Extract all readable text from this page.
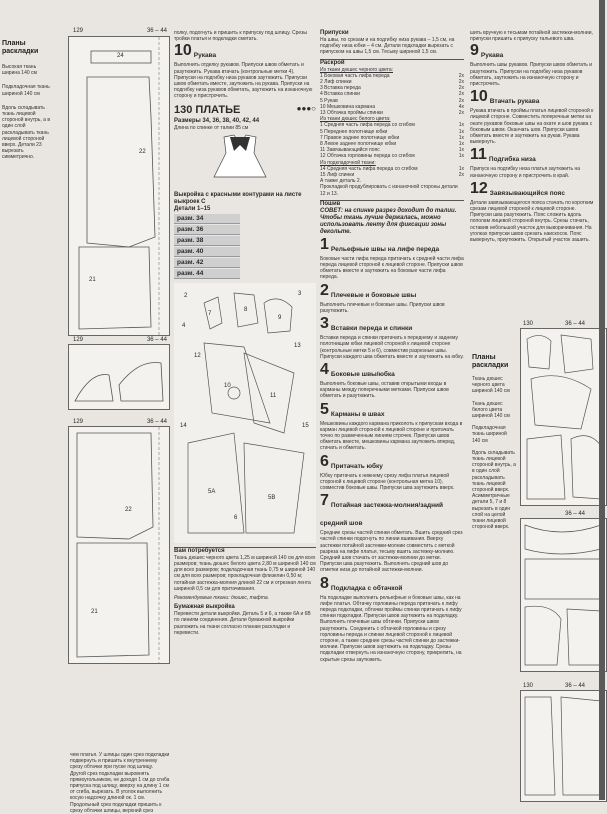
Планы раскладки
Высокая ткань ширина 140 см
Подкладочная ткань шириной 140 см
Вдоль складывать ткань лицевой стороной внутрь, а в один слой раскладывать ткань лицевой стороной вверх. Детали 23 вырезать симметрично.
129	36 – 44
24
22
21
129	36 – 44
129	36 – 44
22
21
чем платья. У шлицы один срез подкладки подвернуть и пришить к внутреннему срезу обтачки при пуске под шлицу. Другой срез подкладки выровнять прямоугольником, не доходя 1 см до сгиба припуска под шлицу, вверху на длину 1 см от сгиба, вырезать. В уголок выполнить косую надсечку длиной ок. 1 см. Продольный срез подкладки пришить к срезу обтачки шлицы, верхний срез
полку, подогнуть и пришить к припуску под шлицу. Срезы тройки платья и подкладки сметать.
10 Рукава
Выполнить отделку рукавов. Припуски швов обметать и разутюжить. Рукава втачать (контрольные метки 4). Припуски на подгибку низа рукавов заутюжить. Припуски швов обметать вместе, заутюжить на рукава. Припуски на подгибку низа рукавов обметать, заутюжить на изнаночную сторону и пристрочить.
130 ПЛАТЬЕ	●●●○
Размеры 34, 36, 38, 40, 42, 44
Длина по спинке от талии 85 см
Выкройка с красными контурами на листе выкроек C
Детали 1–15
разм. 34
разм. 36
разм. 38
разм. 40
разм. 42
разм. 44
7
8
9
10
11
12
13
14	15
5A
5B
6
2	3
4
Вам потребуется
Ткань дюшес черного цвета 1,25 м шириной 140 см для всех размеров; ткань дюшес белого цвета 2,80 м шириной 140 см для всех размеров; подкладочная ткань 0,75 м шириной 140 см для всех размеров; прокладочная флизелин 0,50 м; потайная застежка-молния длиной 22 см и отрезная лента шириной 0,5 см для притачивания.
Рекомендуемые ткани: дюшес, тафта.
Бумажная выкройка
Перевести детали выкройки. Деталь 5 и 6, а также 6A и 6B по линиям соединения. Детали бумажной выкройки разложить на ткани согласно планам раскладки и перевести.
Припуски
На швы, по срезам и на подгибку низа рукава – 1,5 см, на подгибку низа юбки – 4 см. Детали подкладки вырезать с припуском на швы 1,5 см. Тесьму шириной 1,5 см.
Раскрой
Из ткани дюшес черного цвета:
1 Боковая часть лифа переда	2x
2 Лиф спинки	2x
3 Вставка переда	2x
4 Вставка спинки	2x
5 Рукав	2x
10 Мешковина кармана	4x
13 Обтачка проймы спинки	2x
Из ткани дюшес белого цвета:
1 Средняя часть лифа переда со сгибом	1x
5 Переднее полотнище юбки	1x
7 Правое заднее полотнище юбки	1x
8 Левое заднее полотнище юбки	1x
11 Завязывающийся пояс	1x
12 Обтачка горловины переда со сгибом	1x
Из подкладочной ткани:
14 Средняя часть лифа переда со сгибом	1x
15 Лиф спинки	2x
А также деталь 2.
Прокладкой продублировать с изнаночной стороны детали 12 и 13.
Пошив
СОВЕТ: на спинке разрез доходит до талии. Чтобы ткань лучше держалась, можно использовать ленту для фиксации зоны декольте.
1 Рельефные швы на лифе переда
Боковые части лифа переда притачать к средней части лифа переда лицевой стороной к лицевой стороне. Припуски швов обметать вместе и заутюжить на боковые части лифа переда.
2 Плечевые и боковые швы
Выполнить плечевые и боковые швы. Припуски швов разутюжить.
3 Вставки переда и спинки
Вставки переда и спинки притачать к переднему и заднему полотнищам юбки лицевой стороной к лицевой стороне (контрольные метки 5 и 6), совместив разрезные швы. Припуски каждого шва обметать вместе и заутюжить на юбку.
4 Боковые швы/юбка
Выполнить боковые швы, оставив открытыми входы в карманы между поперечными метками. Припуски швов обметать и разутюжить.
5 Карманы в швах
Мешковины каждого кармана приколоть к припускам входа в карман лицевой стороной к лицевой стороне и притачать точно по размеченным линиям строчек. Припуски швов обметать вместе, мешковины кармана заутюжить вперед, стачать и обметать.
6 Притачать юбку
Юбку притачать к нижнему срезу лифа платья лицевой стороной к лицевой стороне (контрольная метка 10), совместив боковые швы. Припуски шва заутюжить вверх.
7 Потайная застежка-молния/задний средний шов
Средние срезы частей спинки обметать. Вшить средний срез частей спинки подогнуть по линии вшивания. Вверху застежки потайной застежки-молнии совместить с меткой разреза на лифе платья, тесьму вшить застежку-молнию. Средний шов стачать от застежки-молнии до метки. Припуски шва разутюжить. Выполнить средний шов до отметки низа до потайной застежки-молнии.
8 Подкладка с обтачкой
На подкладке выполнить рельефные и боковые швы, как на лифе платья. Обтачку горловины переда притачать к лифу переда подкладки, обтачки проймы спинки притачать к лифу спинки подкладки. Припуски швов заутюжить на подкладку. Выполнить плечевые швы обтачки. Припуски швов разутюжить. Соединить с обтачкой горловины и срезу горловины переда и спинки лицевой стороной к лицевой стороне, а также средние срезы частей спинки до застежки-молнии. Припуски швов заутюжить на подкладку. Срезы подкладки отвернуть на изнаночную сторону, прикрепить, на скрытые срезы заутюжить.
шить вручную к тесьмам потайной застежки-молнии, припуски пришить к припуску тальевого шва.
9 Рукава
Выполнить швы рукавов. Припуски швов обметать и разутюжить. Припуски на подгибку низа рукавов обметать, заутюжить на изнаночную сторону и пристрочить.
10 Втачать рукава
Рукава втачать в проймы платья лицевой стороной к лицевой стороне. Совместить поперечные метки на окате рукавов боковые швы на окате и шов рукава с боковым швом. Оканчать шов. Припуски швов обметать вместе и заутюжить на рукав. Рукава вывернуть.
11 Подгибка низа
Припуск на подгибку низа платья заутюжить на изнаночную сторону и пристрочить в край.
12 Завязывающийся пояс
Детали завязывающегося пояса стачать по коротким срезам лицевой стороной к лицевой стороне. Припуски шва разутюжить. Пояс сложить вдоль пополам лицевой стороной внутрь. Срезы стачать, оставив небольшой участок для выворачивания. На уголках припуски швов срезать наискосок. Пояс вывернуть, приутюжить. Открытый участок зашить.
Планы раскладки
Ткань дюшес черного цвета шириной 140 см
Ткань дюшес белого цвета шириной 140 см
Подкладочная ткань шириной 140 см
Вдоль складывать ткань лицевой стороной внутрь, а в один слой раскладывать ткань лицевой стороной вверх. Асимметричные детали 5, 7 и 8 вырезать в один слой на целой ткани лицевой стороной вверх.
130	36 – 44
36 – 44
130	36 – 44
